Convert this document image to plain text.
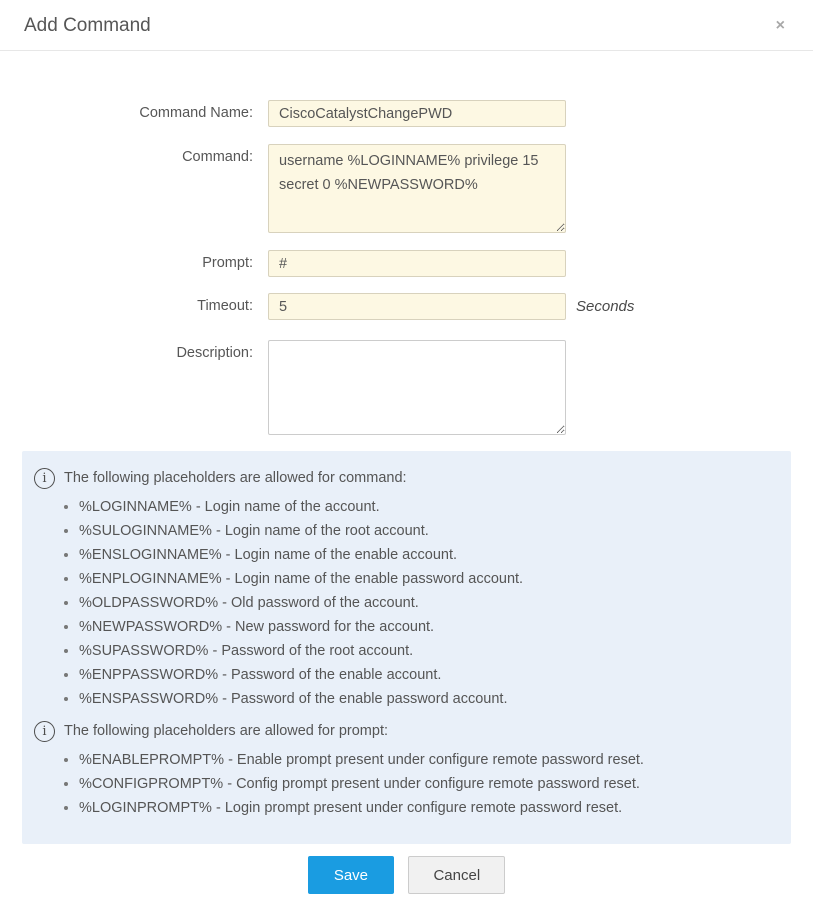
Add Command	×
Command Name:
CiscoCatalystChangePWD
Command:
username %LOGINNAME% privilege 15 secret 0 %NEWPASSWORD%
Prompt:
#
Timeout:
5	Seconds
Description:
i	The following placeholders are allowed for command:
• %LOGINNAME% - Login name of the account.
• %SULOGINNAME% - Login name of the root account.
• %ENSLOGINNAME% - Login name of the enable account.
• %ENPLOGINNAME% - Login name of the enable password account.
• %OLDPASSWORD% - Old password of the account.
• %NEWPASSWORD% - New password for the account.
• %SUPASSWORD% - Password of the root account.
• %ENPPASSWORD% - Password of the enable account.
• %ENSPASSWORD% - Password of the enable password account.
i	The following placeholders are allowed for prompt:
• %ENABLEPROMPT% - Enable prompt present under configure remote password reset.
• %CONFIGPROMPT% - Config prompt present under configure remote password reset.
• %LOGINPROMPT% - Login prompt present under configure remote password reset.
Save	Cancel
